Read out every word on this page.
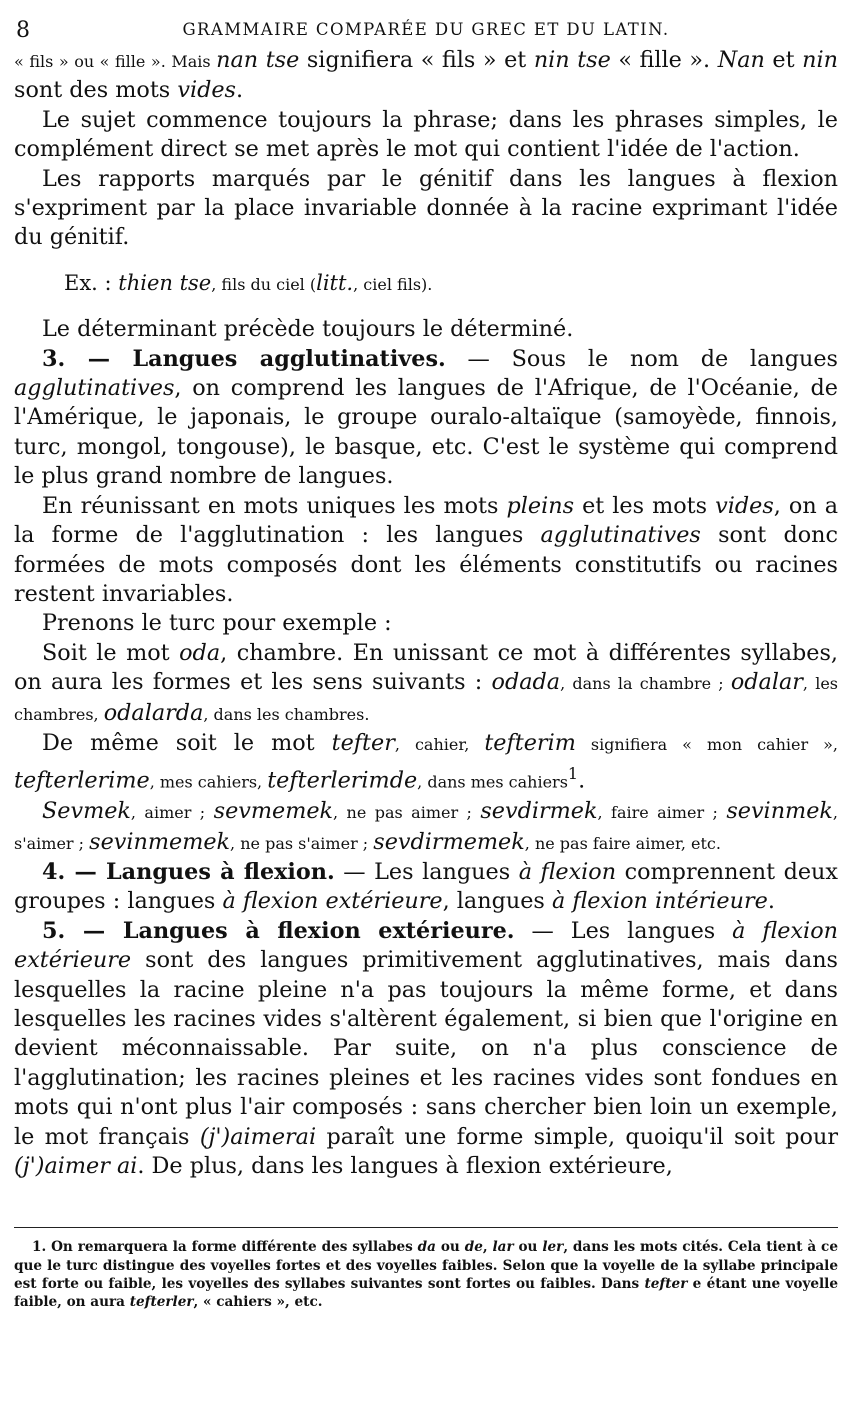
8	GRAMMAIRE COMPARÉE DU GREC ET DU LATIN.

« fils » ou « fille ». Mais nan tse signifiera « fils » et nin tse « fille ». Nan et nin sont des mots vides.

Le sujet commence toujours la phrase; dans les phrases simples, le complément direct se met après le mot qui contient l'idée de l'action.

Les rapports marqués par le génitif dans les langues à flexion s'expriment par la place invariable donnée à la racine exprimant l'idée du génitif.

Ex. : thien tse, fils du ciel (litt., ciel fils).

Le déterminant précède toujours le déterminé.

3. — Langues agglutinatives. — Sous le nom de langues agglutinatives, on comprend les langues de l'Afrique, de l'Océanie, de l'Amérique, le japonais, le groupe ouralo-altaïque (samoyède, finnois, turc, mongol, tongouse), le basque, etc. C'est le système qui comprend le plus grand nombre de langues.

En réunissant en mots uniques les mots pleins et les mots vides, on a la forme de l'agglutination : les langues agglutinatives sont donc formées de mots composés dont les éléments constitutifs ou racines restent invariables.

Prenons le turc pour exemple :

Soit le mot oda, chambre. En unissant ce mot à différentes syllabes, on aura les formes et les sens suivants : odada, dans la chambre ; odalar, les chambres, odalarda, dans les chambres.

De même soit le mot tefter, cahier, tefterim signifiera « mon cahier », tefterlerime, mes cahiers, tefterlerimde, dans mes cahiers$^1$.

Sevmek, aimer ; sevmemek, ne pas aimer ; sevdirmek, faire aimer ; sevinmek, s'aimer ; sevinmemek, ne pas s'aimer ; sevdirmemek, ne pas faire aimer, etc.

4. — Langues à flexion. — Les langues à flexion comprennent deux groupes : langues à flexion extérieure, langues à flexion intérieure.

5. — Langues à flexion extérieure. — Les langues à flexion extérieure sont des langues primitivement agglutinatives, mais dans lesquelles la racine pleine n'a pas toujours la même forme, et dans lesquelles les racines vides s'altèrent également, si bien que l'origine en devient méconnaissable. Par suite, on n'a plus conscience de l'agglutination; les racines pleines et les racines vides sont fondues en mots qui n'ont plus l'air composés : sans chercher bien loin un exemple, le mot français (j')aimerai paraît une forme simple, quoiqu'il soit pour (j')aimer ai. De plus, dans les langues à flexion extérieure,

1. On remarquera la forme différente des syllabes da ou de, lar ou ler, dans les mots cités. Cela tient à ce que le turc distingue des voyelles fortes et des voyelles faibles. Selon que la voyelle de la syllabe principale est forte ou faible, les voyelles des syllabes suivantes sont fortes ou faibles. Dans tefter e étant une voyelle faible, on aura tefterler, « cahiers », etc.
